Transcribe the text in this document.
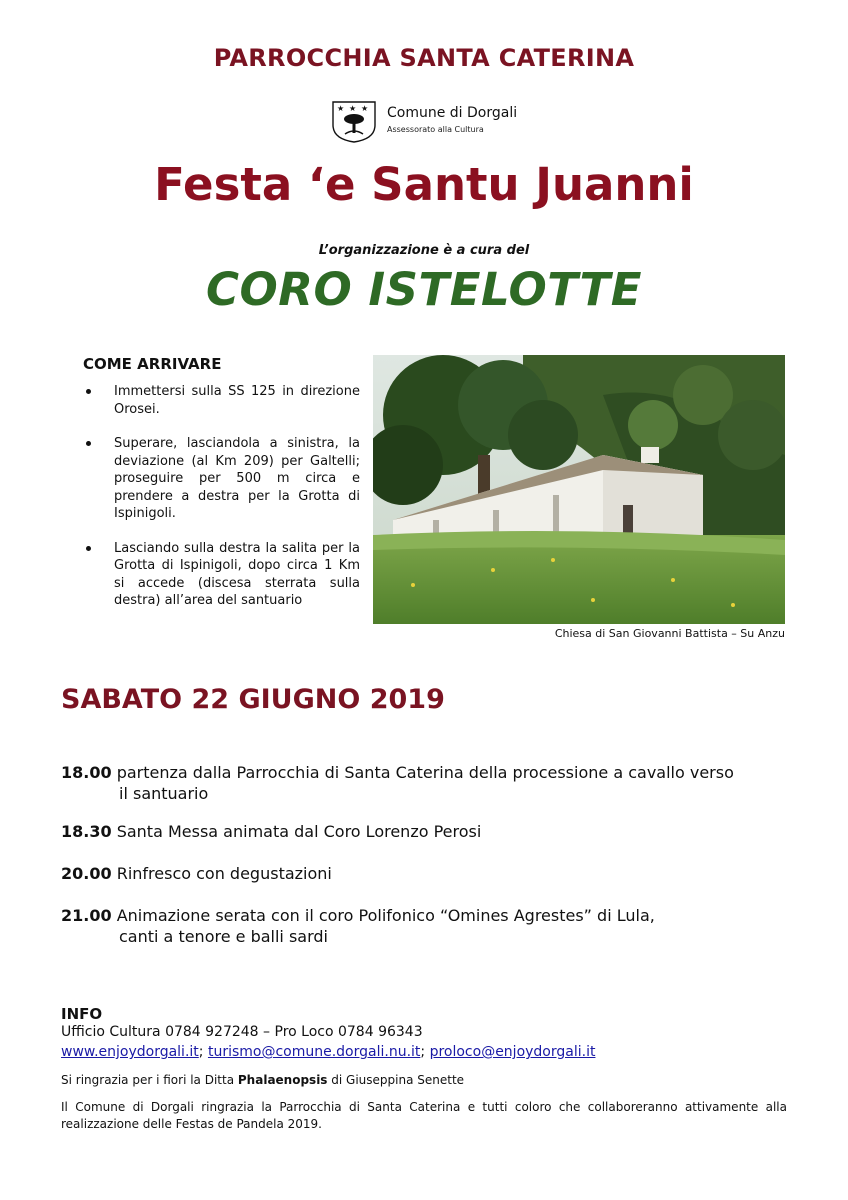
PARROCCHIA SANTA CATERINA
★ ★ ★ Comune di Dorgali
Assessorato alla Cultura
Festa ‘e Santu Juanni
L’organizzazione è a cura del
CORO ISTELOTTE
COME ARRIVARE
Immettersi sulla SS 125 in direzione Orosei.
Superare, lasciandola a sinistra, la deviazione (al Km 209) per Galtelli; proseguire per 500 m circa e prendere a destra per la Grotta di Ispinigoli.
Lasciando sulla destra la salita per la Grotta di Ispinigoli, dopo circa 1 Km si accede (discesa sterrata sulla destra) all’area del santuario
Chiesa di San Giovanni Battista – Su Anzu
SABATO 22 GIUGNO 2019
18.00 partenza dalla Parrocchia di Santa Caterina della processione a cavallo verso
il santuario
18.30 Santa Messa animata dal Coro Lorenzo Perosi
20.00 Rinfresco con degustazioni
21.00 Animazione serata con il coro Polifonico “Omines Agrestes” di Lula,
canti a tenore e balli sardi
INFO
Ufficio Cultura 0784 927248 – Pro Loco 0784 96343
www.enjoydorgali.it; turismo@comune.dorgali.nu.it; proloco@enjoydorgali.it
Si ringrazia per i fiori la Ditta Phalaenopsis di Giuseppina Senette
Il Comune di Dorgali ringrazia la Parrocchia di Santa Caterina e tutti coloro che collaboreranno attivamente alla realizzazione delle Festas de Pandela 2019.
